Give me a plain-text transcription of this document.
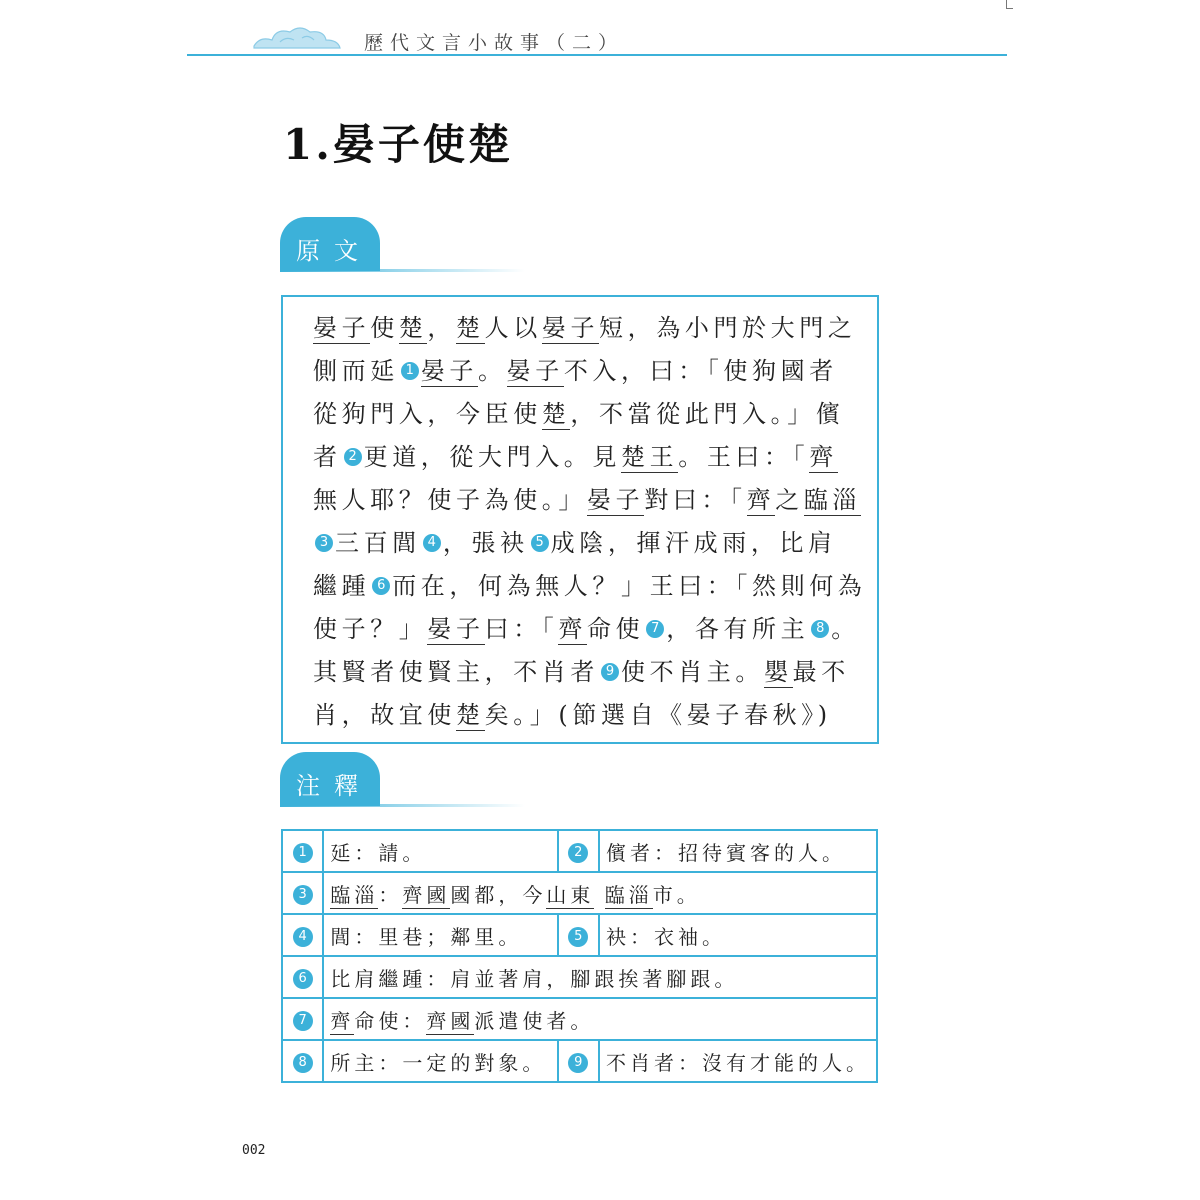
歷代文言小故事（二）
1.晏子使楚
原文
晏子使楚，楚人以晏子短，為小門於大門之
側而延 1 晏子。晏子不入，曰：「使狗國者
從狗門入，今臣使楚，不當從此門入。」儐
者 2 更道，從大門入。見楚王。王曰：「齊
無人耶？使子為使。」晏子對曰：「齊之臨淄
3 三百閭 4 ，張袂 5 成陰，揮汗成雨，比肩
繼踵 6 而在，何為無人？」王曰：「然則何為
使子？」晏子曰：「齊命使 7 ，各有所主 8 。
其賢者使賢主，不肖者 9 使不肖主。嬰最不
肖，故宜使楚矣。」(節選自《晏子春秋》)
注釋
1	延：請。	2	儐者：招待賓客的人。
3	臨淄：齊國國都，今山東 臨淄市。		
4	閭：里巷；鄰里。	5	袂：衣袖。
6	比肩繼踵：肩並著肩，腳跟挨著腳跟。		
7	齊命使：齊國派遣使者。		
8	所主：一定的對象。	9	不肖者：沒有才能的人。
002
